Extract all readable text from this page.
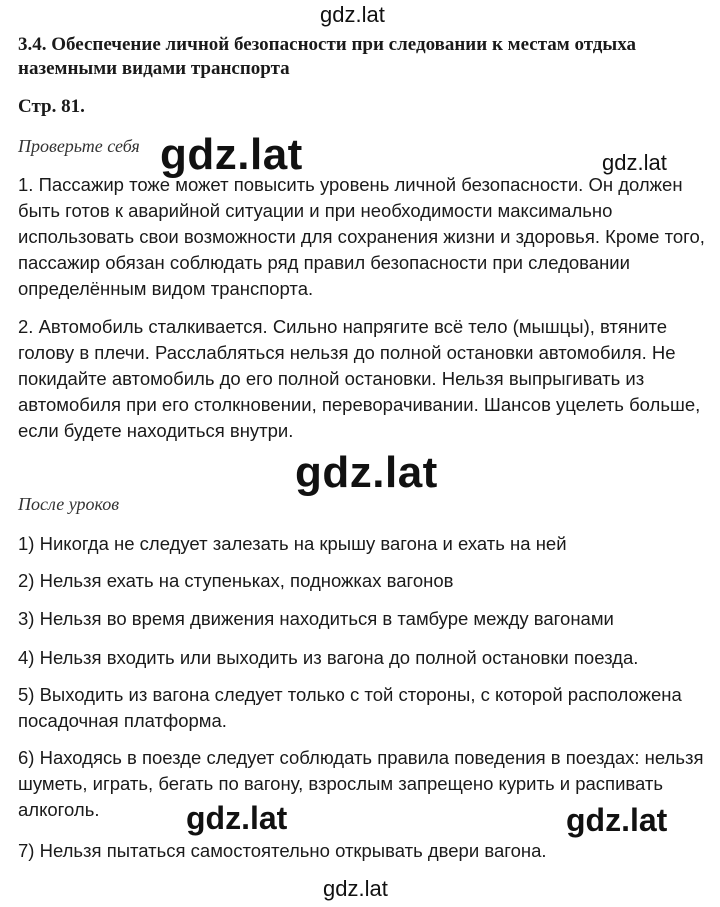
gdz.lat
gdz.lat	gdz.lat
gdz.lat
gdz.lat	gdz.lat
gdz.lat
3.4. Обеспечение личной безопасности при следовании к местам отдыха наземными видами транспорта
Стр. 81.
Проверьте себя
1. Пассажир тоже может повысить уровень личной безопасности. Он должен быть готов к аварийной ситуации и при необходимости максимально использовать свои возможности для сохранения жизни и здоровья. Кроме того, пассажир обязан соблюдать ряд правил безопасности при следовании определённым видом транспорта.
2. Автомобиль сталкивается. Сильно напрягите всё тело (мышцы), втяните голову в плечи. Расслабляться нельзя до полной остановки автомобиля. Не покидайте автомобиль до его полной остановки. Нельзя выпрыгивать из автомобиля при его столкновении, переворачивании. Шансов уцелеть больше, если будете находиться внутри.
После уроков
1) Никогда не следует залезать на крышу вагона и ехать на ней
2) Нельзя ехать на ступеньках, подножках вагонов
3) Нельзя во время движения находиться в тамбуре между вагонами
4) Нельзя входить или выходить из вагона до полной остановки поезда.
5) Выходить из вагона следует только с той стороны, с которой расположена посадочная платформа.
6) Находясь в поезде следует соблюдать правила поведения в поездах: нельзя шуметь, играть, бегать по вагону, взрослым запрещено курить и распивать алкоголь.
7) Нельзя пытаться самостоятельно открывать двери вагона.
